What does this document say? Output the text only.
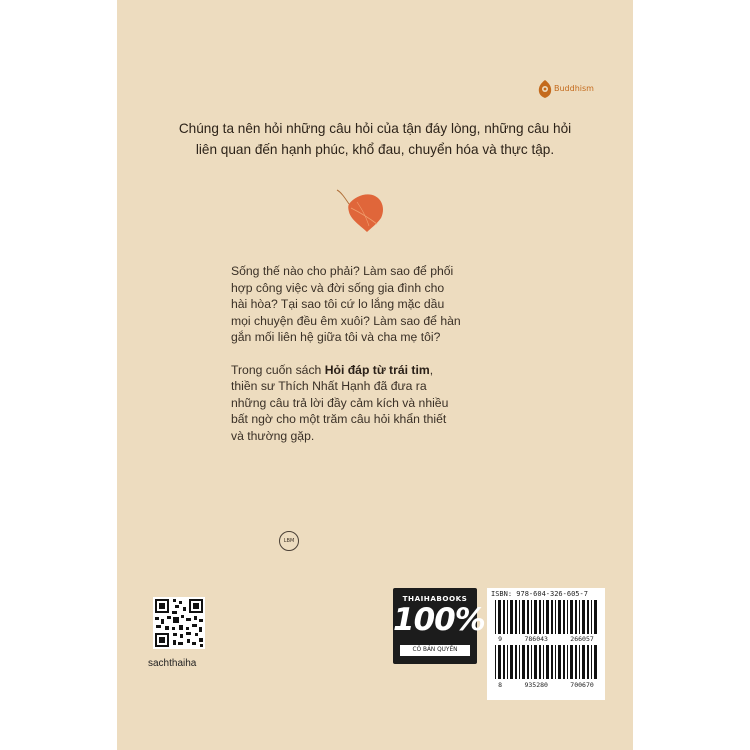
Buddhism
Chúng ta nên hỏi những câu hỏi của tận đáy lòng, những câu hỏi
liên quan đến hạnh phúc, khổ đau, chuyển hóa và thực tập.

Sống thế nào cho phải? Làm sao để phối
hợp công việc và đời sống gia đình cho
hài hòa? Tại sao tôi cứ lo lắng mặc dầu
mọi chuyện đều êm xuôi? Làm sao để hàn
gắn mối liên hệ giữa tôi và cha mẹ tôi?

Trong cuốn sách Hỏi đáp từ trái tim,
thiền sư Thích Nhất Hạnh đã đưa ra
những câu trả lời đầy cảm kích và nhiều
bất ngờ cho một trăm câu hỏi khẩn thiết
và thường gặp.

LBM
sachthaiha
THAIHABOOKS
100%
CÓ BẢN QUYỀN
ISBN: 978-604-326-605-7
9	786043	266057
8	935280	700670
